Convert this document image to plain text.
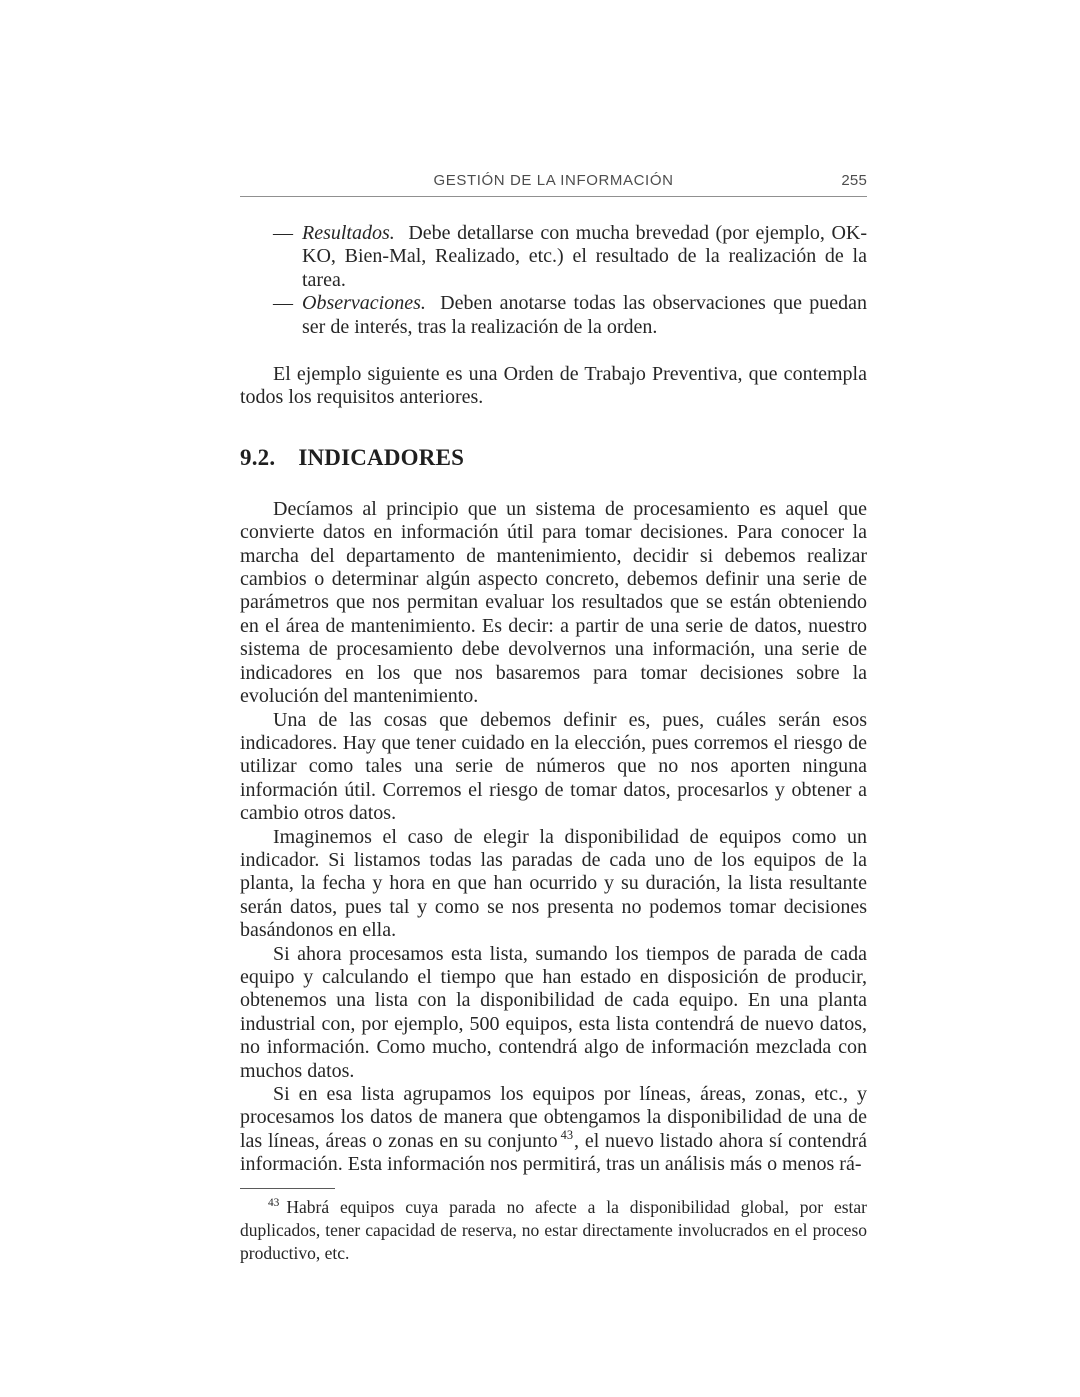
GESTIÓN DE LA INFORMACIÓN	255
— Resultados. Debe detallarse con mucha brevedad (por ejemplo, OK-KO, Bien-Mal, Realizado, etc.) el resultado de la realización de la tarea.

— Observaciones. Deben anotarse todas las observaciones que puedan ser de interés, tras la realización de la orden.

El ejemplo siguiente es una Orden de Trabajo Preventiva, que contempla todos los requisitos anteriores.

9.2. INDICADORES

Decíamos al principio que un sistema de procesamiento es aquel que convierte datos en información útil para tomar decisiones. Para conocer la marcha del departamento de mantenimiento, decidir si debemos realizar cambios o determinar algún aspecto concreto, debemos definir una serie de parámetros que nos permitan evaluar los resultados que se están obteniendo en el área de mantenimiento. Es decir: a partir de una serie de datos, nuestro sistema de procesamiento debe devolvernos una información, una serie de indicadores en los que nos basaremos para tomar decisiones sobre la evolución del mantenimiento.

Una de las cosas que debemos definir es, pues, cuáles serán esos indicadores. Hay que tener cuidado en la elección, pues corremos el riesgo de utilizar como tales una serie de números que no nos aporten ninguna información útil. Corremos el riesgo de tomar datos, procesarlos y obtener a cambio otros datos.

Imaginemos el caso de elegir la disponibilidad de equipos como un indicador. Si listamos todas las paradas de cada uno de los equipos de la planta, la fecha y hora en que han ocurrido y su duración, la lista resultante serán datos, pues tal y como se nos presenta no podemos tomar decisiones basándonos en ella.

Si ahora procesamos esta lista, sumando los tiempos de parada de cada equipo y calculando el tiempo que han estado en disposición de producir, obtenemos una lista con la disponibilidad de cada equipo. En una planta industrial con, por ejemplo, 500 equipos, esta lista contendrá de nuevo datos, no información. Como mucho, contendrá algo de información mezclada con muchos datos.

Si en esa lista agrupamos los equipos por líneas, áreas, zonas, etc., y procesamos los datos de manera que obtengamos la disponibilidad de una de las líneas, áreas o zonas en su conjunto $^{43}$, el nuevo listado ahora sí contendrá información. Esta información nos permitirá, tras un análisis más o menos rá-

$^{43}$ Habrá equipos cuya parada no afecte a la disponibilidad global, por estar duplicados, tener capacidad de reserva, no estar directamente involucrados en el proceso productivo, etc.
